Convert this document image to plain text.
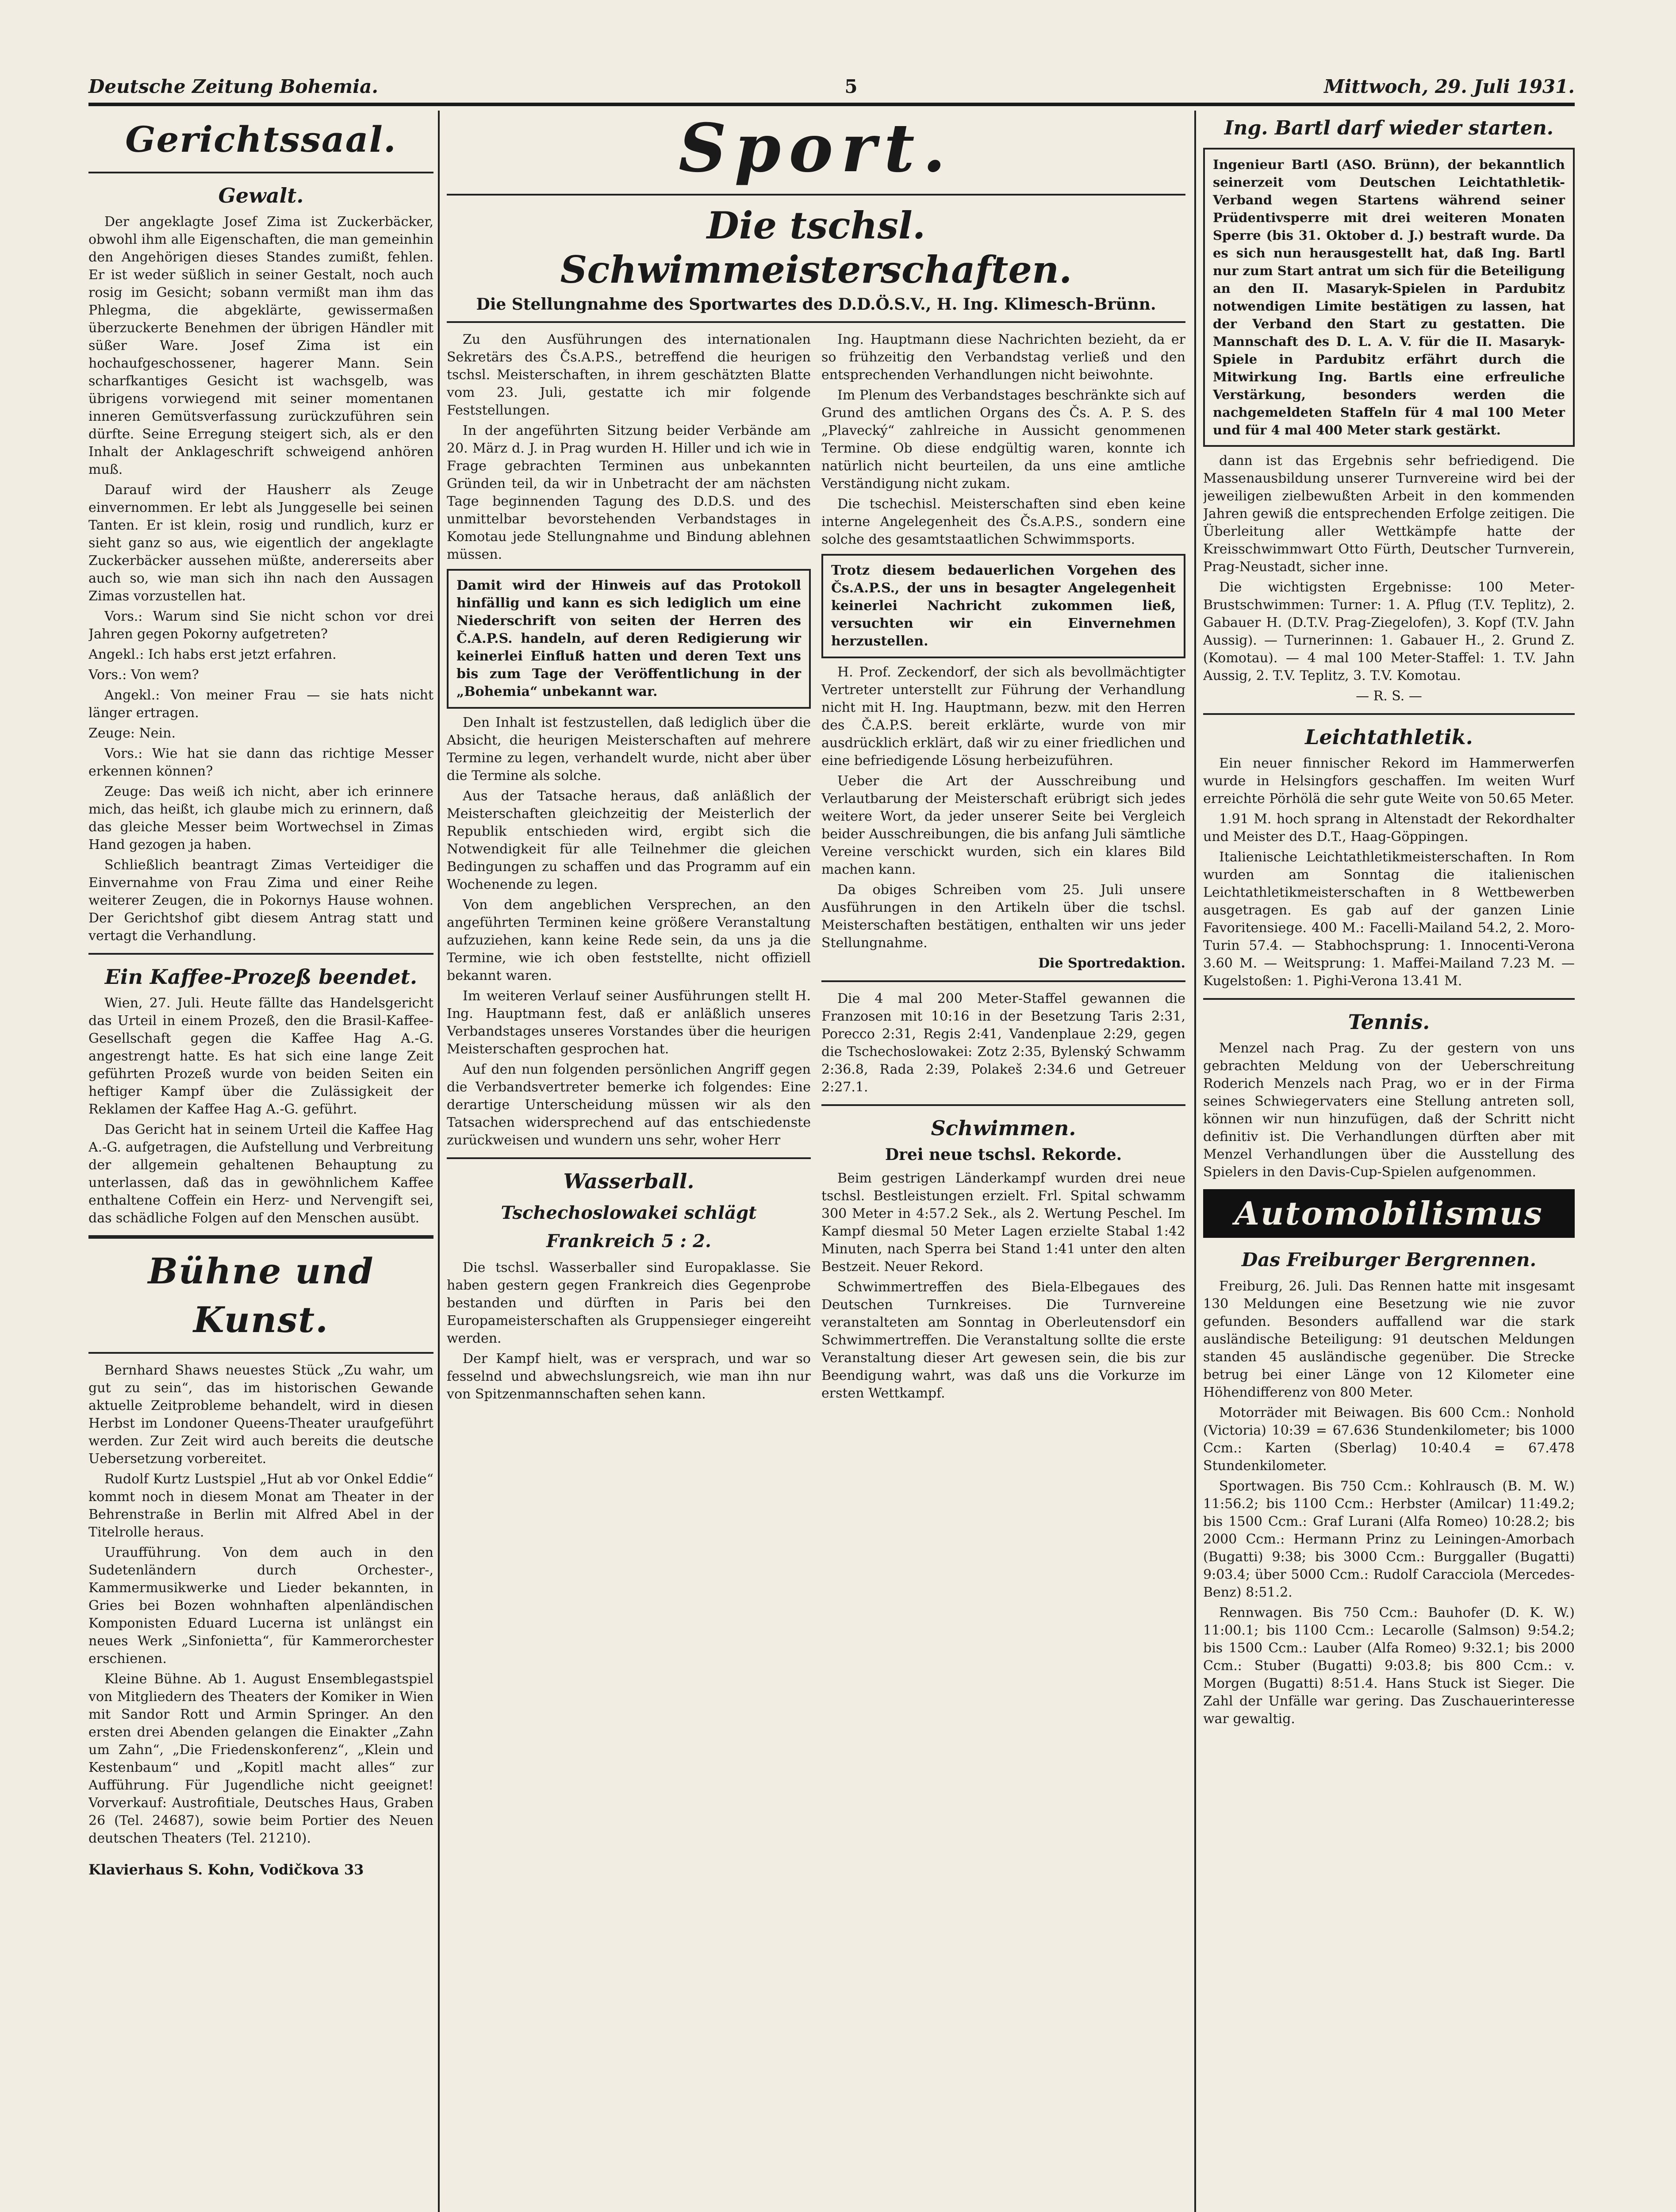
Deutsche Zeitung Bohemia.	5	Mittwoch, 29. Juli 1931.
Gerichtssaal.
Gewalt.

Der angeklagte Josef Zima ist Zuckerbäcker, obwohl ihm alle Eigenschaften, die man gemeinhin den Angehörigen dieses Standes zumißt, fehlen. Er ist weder süßlich in seiner Gestalt, noch auch rosig im Gesicht; sobann vermißt man ihm das Phlegma, die abgeklärte, gewissermaßen überzuckerte Benehmen der übrigen Händler mit süßer Ware. Josef Zima ist ein hochaufgeschossener, hagerer Mann. Sein scharfkantiges Gesicht ist wachsgelb, was übrigens vorwiegend mit seiner momentanen inneren Gemütsverfassung zurückzuführen sein dürfte. Seine Erregung steigert sich, als er den Inhalt der Anklageschrift schweigend anhören muß.

Darauf wird der Hausherr als Zeuge einvernommen. Er lebt als Junggeselle bei seinen Tanten. Er ist klein, rosig und rundlich, kurz er sieht ganz so aus, wie eigentlich der angeklagte Zuckerbäcker aussehen müßte, andererseits aber auch so, wie man sich ihn nach den Aussagen Zimas vorzustellen hat.

Vors.: Warum sind Sie nicht schon vor drei Jahren gegen Pokorny aufgetreten?

Angekl.: Ich habs erst jetzt erfahren.

Vors.: Von wem?

Angekl.: Von meiner Frau — sie hats nicht länger ertragen.

Zeuge: Nein.

Vors.: Wie hat sie dann das richtige Messer erkennen können?

Zeuge: Das weiß ich nicht, aber ich erinnere mich, das heißt, ich glaube mich zu erinnern, daß das gleiche Messer beim Wortwechsel in Zimas Hand gezogen ja haben.

Schließlich beantragt Zimas Verteidiger die Einvernahme von Frau Zima und einer Reihe weiterer Zeugen, die in Pokornys Hause wohnen. Der Gerichtshof gibt diesem Antrag statt und vertagt die Verhandlung.

Ein Kaffee-Prozeß beendet.

Wien, 27. Juli. Heute fällte das Handelsgericht das Urteil in einem Prozeß, den die Brasil-Kaffee-Gesellschaft gegen die Kaffee Hag A.-G. angestrengt hatte. Es hat sich eine lange Zeit geführten Prozeß wurde von beiden Seiten ein heftiger Kampf über die Zulässigkeit der Reklamen der Kaffee Hag A.-G. geführt.

Das Gericht hat in seinem Urteil die Kaffee Hag A.-G. aufgetragen, die Aufstellung und Verbreitung der allgemein gehaltenen Behauptung zu unterlassen, daß das in gewöhnlichem Kaffee enthaltene Coffein ein Herz- und Nervengift sei, das schädliche Folgen auf den Menschen ausübt.

Bühne und Kunst.

Bernhard Shaws neuestes Stück „Zu wahr, um gut zu sein“, das im historischen Gewande aktuelle Zeitprobleme behandelt, wird in diesen Herbst im Londoner Queens-Theater uraufgeführt werden. Zur Zeit wird auch bereits die deutsche Uebersetzung vorbereitet.

Rudolf Kurtz Lustspiel „Hut ab vor Onkel Eddie“ kommt noch in diesem Monat am Theater in der Behrenstraße in Berlin mit Alfred Abel in der Titelrolle heraus.

Uraufführung. Von dem auch in den Sudetenländern durch Orchester-, Kammermusikwerke und Lieder bekannten, in Gries bei Bozen wohnhaften alpenländischen Komponisten Eduard Lucerna ist unlängst ein neues Werk „Sinfonietta“, für Kammerorchester erschienen.

Kleine Bühne. Ab 1. August Ensemblegastspiel von Mitgliedern des Theaters der Komiker in Wien mit Sandor Rott und Armin Springer. An den ersten drei Abenden gelangen die Einakter „Zahn um Zahn“, „Die Friedenskonferenz“, „Klein und Kestenbaum“ und „Kopitl macht alles“ zur Aufführung. Für Jugendliche nicht geeignet! Vorverkauf: Austrofitiale, Deutsches Haus, Graben 26 (Tel. 24687), sowie beim Portier des Neuen deutschen Theaters (Tel. 21210).

Klavierhaus S. Kohn, Vodičkova 33
Sport.
Die tschsl. Schwimmeisterschaften.
Die Stellungnahme des Sportwartes des D.D.Ö.S.V., H. Ing. Klimesch-Brünn.

Zu den Ausführungen des internationalen Sekretärs des Čs.A.P.S., betreffend die heurigen tschsl. Meisterschaften, in ihrem geschätzten Blatte vom 23. Juli, gestatte ich mir folgende Feststellungen.

In der angeführten Sitzung beider Verbände am 20. März d. J. in Prag wurden H. Hiller und ich wie in Frage gebrachten Terminen aus unbekannten Gründen teil, da wir in Unbetracht der am nächsten Tage beginnenden Tagung des D.D.S. und des unmittelbar bevorstehenden Verbandstages in Komotau jede Stellungnahme und Bindung ablehnen müssen.

Damit wird der Hinweis auf das Protokoll hinfällig und kann es sich lediglich um eine Niederschrift von seiten der Herren des Č.A.P.S. handeln, auf deren Redigierung wir keinerlei Einfluß hatten und deren Text uns bis zum Tage der Veröffentlichung in der „Bohemia“ unbekannt war.

Den Inhalt ist festzustellen, daß lediglich über die Absicht, die heurigen Meisterschaften auf mehrere Termine zu legen, verhandelt wurde, nicht aber über die Termine als solche.

Aus der Tatsache heraus, daß anläßlich der Meisterschaften gleichzeitig der Meisterlich der Republik entschieden wird, ergibt sich die Notwendigkeit für alle Teilnehmer die gleichen Bedingungen zu schaffen und das Programm auf ein Wochenende zu legen.

Von dem angeblichen Versprechen, an den angeführten Terminen keine größere Veranstaltung aufzuziehen, kann keine Rede sein, da uns ja die Termine, wie ich oben feststellte, nicht offiziell bekannt waren.

Im weiteren Verlauf seiner Ausführungen stellt H. Ing. Hauptmann fest, daß er anläßlich unseres Verbandstages unseres Vorstandes über die heurigen Meisterschaften gesprochen hat.

Auf den nun folgenden persönlichen Angriff gegen die Verbandsvertreter bemerke ich folgendes: Eine derartige Unterscheidung müssen wir als den Tatsachen widersprechend auf das entschiedenste zurückweisen und wundern uns sehr, woher Herr

Wasserball.
Tschechoslowakei schlägt Frankreich 5 : 2.

Die tschsl. Wasserballer sind Europaklasse. Sie haben gestern gegen Frankreich dies Gegenprobe bestanden und dürften in Paris bei den Europameisterschaften als Gruppensieger eingereiht werden.

Der Kampf hielt, was er versprach, und war so fesselnd und abwechslungsreich, wie man ihn nur von Spitzenmannschaften sehen kann.

Ing. Hauptmann diese Nachrichten bezieht, da er so frühzeitig den Verbandstag verließ und den entsprechenden Verhandlungen nicht beiwohnte.

Im Plenum des Verbandstages beschränkte sich auf Grund des amtlichen Organs des Čs. A. P. S. des „Plavecký“ zahlreiche in Aussicht genommenen Termine. Ob diese endgültig waren, konnte ich natürlich nicht beurteilen, da uns eine amtliche Verständigung nicht zukam.

Die tschechisl. Meisterschaften sind eben keine interne Angelegenheit des Čs.A.P.S., sondern eine solche des gesamtstaatlichen Schwimmsports.

Trotz diesem bedauerlichen Vorgehen des Čs.A.P.S., der uns in besagter Angelegenheit keinerlei Nachricht zukommen ließ, versuchten wir ein Einvernehmen herzustellen.

H. Prof. Zeckendorf, der sich als bevollmächtigter Vertreter unterstellt zur Führung der Verhandlung nicht mit H. Ing. Hauptmann, bezw. mit den Herren des Č.A.P.S. bereit erklärte, wurde von mir ausdrücklich erklärt, daß wir zu einer friedlichen und eine befriedigende Lösung herbeizuführen.

Ueber die Art der Ausschreibung und Verlautbarung der Meisterschaft erübrigt sich jedes weitere Wort, da jeder unserer Seite bei Vergleich beider Ausschreibungen, die bis anfang Juli sämtliche Vereine verschickt wurden, sich ein klares Bild machen kann.

Da obiges Schreiben vom 25. Juli unsere Ausführungen in den Artikeln über die tschsl. Meisterschaften bestätigen, enthalten wir uns jeder Stellungnahme.

Die Sportredaktion.

Die 4 mal 200 Meter-Staffel gewannen die Franzosen mit 10:16 in der Besetzung Taris 2:31, Porecco 2:31, Regis 2:41, Vandenplaue 2:29, gegen die Tschechoslowakei: Zotz 2:35, Bylenský Schwamm 2:36.8, Rada 2:39, Polakeš 2:34.6 und Getreuer 2:27.1.

Schwimmen.
Drei neue tschsl. Rekorde.

Beim gestrigen Länderkampf wurden drei neue tschsl. Bestleistungen erzielt. Frl. Spital schwamm 300 Meter in 4:57.2 Sek., als 2. Wertung Peschel. Im Kampf diesmal 50 Meter Lagen erzielte Stabal 1:42 Minuten, nach Sperra bei Stand 1:41 unter den alten Bestzeit. Neuer Rekord.

Schwimmertreffen des Biela-Elbegaues des Deutschen Turnkreises. Die Turnvereine veranstalteten am Sonntag in Oberleutensdorf ein Schwimmertreffen. Die Veranstaltung sollte die erste Veranstaltung dieser Art gewesen sein, die bis zur Beendigung wahrt, was daß uns die Vorkurze im ersten Wettkampf.

Ing. Bartl darf wieder starten.
Ingenieur Bartl (ASO. Brünn), der bekanntlich seinerzeit vom Deutschen Leichtathletik-Verband wegen Startens während seiner Prüdentivsperre mit drei weiteren Monaten Sperre (bis 31. Oktober d. J.) bestraft wurde. Da es sich nun herausgestellt hat, daß Ing. Bartl nur zum Start antrat um sich für die Beteiligung an den II. Masaryk-Spielen in Pardubitz notwendigen Limite bestätigen zu lassen, hat der Verband den Start zu gestatten. Die Mannschaft des D. L. A. V. für die II. Masaryk-Spiele in Pardubitz erfährt durch die Mitwirkung Ing. Bartls eine erfreuliche Verstärkung, besonders werden die nachgemeldeten Staffeln für 4 mal 100 Meter und für 4 mal 400 Meter stark gestärkt.

dann ist das Ergebnis sehr befriedigend. Die Massenausbildung unserer Turnvereine wird bei der jeweiligen zielbewußten Arbeit in den kommenden Jahren gewiß die entsprechenden Erfolge zeitigen. Die Überleitung aller Wettkämpfe hatte der Kreisschwimmwart Otto Fürth, Deutscher Turnverein, Prag-Neustadt, sicher inne.

Die wichtigsten Ergebnisse: 100 Meter-Brustschwimmen: Turner: 1. A. Pflug (T.V. Teplitz), 2. Gabauer H. (D.T.V. Prag-Ziegelofen), 3. Kopf (T.V. Jahn Aussig). — Turnerinnen: 1. Gabauer H., 2. Grund Z. (Komotau). — 4 mal 100 Meter-Staffel: 1. T.V. Jahn Aussig, 2. T.V. Teplitz, 3. T.V. Komotau.

— R. S. —
Leichtathletik.

Ein neuer finnischer Rekord im Hammerwerfen wurde in Helsingfors geschaffen. Im weiten Wurf erreichte Pörhölä die sehr gute Weite von 50.65 Meter.

1.91 M. hoch sprang in Altenstadt der Rekordhalter und Meister des D.T., Haag-Göppingen.

Italienische Leichtathletikmeisterschaften. In Rom wurden am Sonntag die italienischen Leichtathletikmeisterschaften in 8 Wettbewerben ausgetragen. Es gab auf der ganzen Linie Favoritensiege. 400 M.: Facelli-Mailand 54.2, 2. Moro-Turin 57.4. — Stabhochsprung: 1. Innocenti-Verona 3.60 M. — Weitsprung: 1. Maffei-Mailand 7.23 M. — Kugelstoßen: 1. Pighi-Verona 13.41 M.

Tennis.

Menzel nach Prag. Zu der gestern von uns gebrachten Meldung von der Ueberschreitung Roderich Menzels nach Prag, wo er in der Firma seines Schwiegervaters eine Stellung antreten soll, können wir nun hinzufügen, daß der Schritt nicht definitiv ist. Die Verhandlungen dürften aber mit Menzel Verhandlungen über die Ausstellung des Spielers in den Davis-Cup-Spielen aufgenommen.

Automobilismus
Das Freiburger Bergrennen.

Freiburg, 26. Juli. Das Rennen hatte mit insgesamt 130 Meldungen eine Besetzung wie nie zuvor gefunden. Besonders auffallend war die stark ausländische Beteiligung: 91 deutschen Meldungen standen 45 ausländische gegenüber. Die Strecke betrug bei einer Länge von 12 Kilometer eine Höhendifferenz von 800 Meter.

Motorräder mit Beiwagen. Bis 600 Ccm.: Nonhold (Victoria) 10:39 = 67.636 Stundenkilometer; bis 1000 Ccm.: Karten (Sberlag) 10:40.4 = 67.478 Stundenkilometer.

Sportwagen. Bis 750 Ccm.: Kohlrausch (B. M. W.) 11:56.2; bis 1100 Ccm.: Herbster (Amilcar) 11:49.2; bis 1500 Ccm.: Graf Lurani (Alfa Romeo) 10:28.2; bis 2000 Ccm.: Hermann Prinz zu Leiningen-Amorbach (Bugatti) 9:38; bis 3000 Ccm.: Burggaller (Bugatti) 9:03.4; über 5000 Ccm.: Rudolf Caracciola (Mercedes-Benz) 8:51.2.

Rennwagen. Bis 750 Ccm.: Bauhofer (D. K. W.) 11:00.1; bis 1100 Ccm.: Lecarolle (Salmson) 9:54.2; bis 1500 Ccm.: Lauber (Alfa Romeo) 9:32.1; bis 2000 Ccm.: Stuber (Bugatti) 9:03.8; bis 800 Ccm.: v. Morgen (Bugatti) 8:51.4. Hans Stuck ist Sieger. Die Zahl der Unfälle war gering. Das Zuschauerinteresse war gewaltig.
